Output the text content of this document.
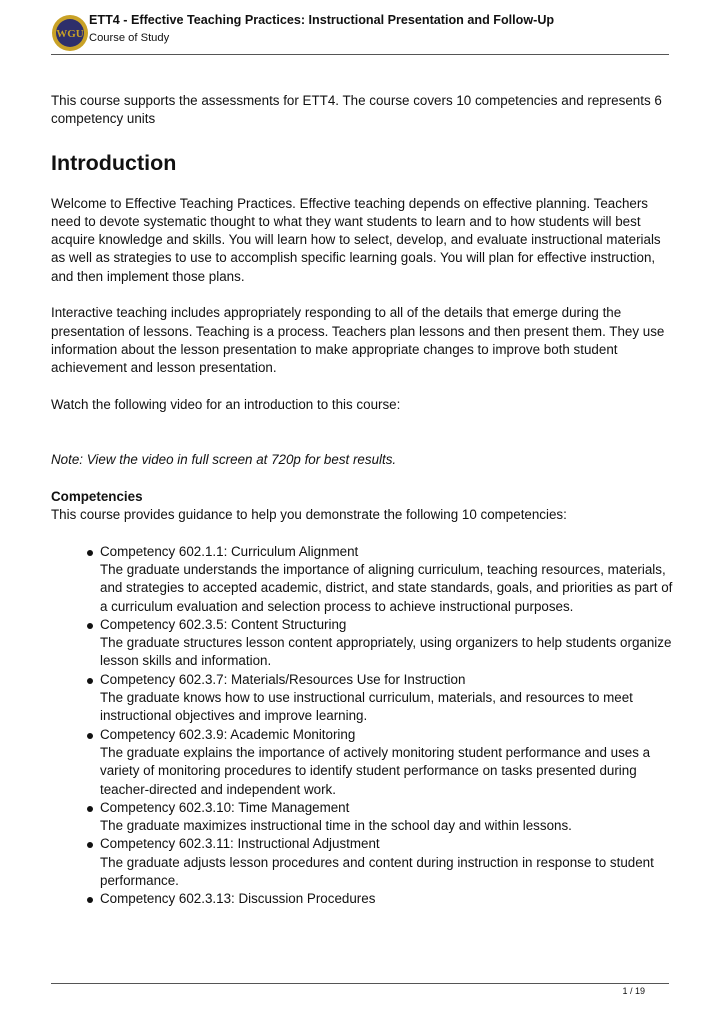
WGU
ETT4 - Effective Teaching Practices: Instructional Presentation and Follow-Up
Course of Study

This course supports the assessments for ETT4. The course covers 10 competencies and represents 6 competency units

Introduction

Welcome to Effective Teaching Practices. Effective teaching depends on effective planning. Teachers need to devote systematic thought to what they want students to learn and to how students will best acquire knowledge and skills. You will learn how to select, develop, and evaluate instructional materials as well as strategies to use to accomplish specific learning goals. You will plan for effective instruction, and then implement those plans.

Interactive teaching includes appropriately responding to all of the details that emerge during the presentation of lessons. Teaching is a process. Teachers plan lessons and then present them. They use information about the lesson presentation to make appropriate changes to improve both student achievement and lesson presentation.

Watch the following video for an introduction to this course:

Note: View the video in full screen at 720p for best results.

Competencies

This course provides guidance to help you demonstrate the following 10 competencies:

Competency 602.1.1: Curriculum Alignment
The graduate understands the importance of aligning curriculum, teaching resources, materials, and strategies to accepted academic, district, and state standards, goals, and priorities as part of a curriculum evaluation and selection process to achieve instructional purposes.
Competency 602.3.5: Content Structuring
The graduate structures lesson content appropriately, using organizers to help students organize lesson skills and information.
Competency 602.3.7: Materials/Resources Use for Instruction
The graduate knows how to use instructional curriculum, materials, and resources to meet instructional objectives and improve learning.
Competency 602.3.9: Academic Monitoring
The graduate explains the importance of actively monitoring student performance and uses a variety of monitoring procedures to identify student performance on tasks presented during teacher-directed and independent work.
Competency 602.3.10: Time Management
The graduate maximizes instructional time in the school day and within lessons.
Competency 602.3.11: Instructional Adjustment
The graduate adjusts lesson procedures and content during instruction in response to student performance.
Competency 602.3.13: Discussion Procedures
1 / 19
